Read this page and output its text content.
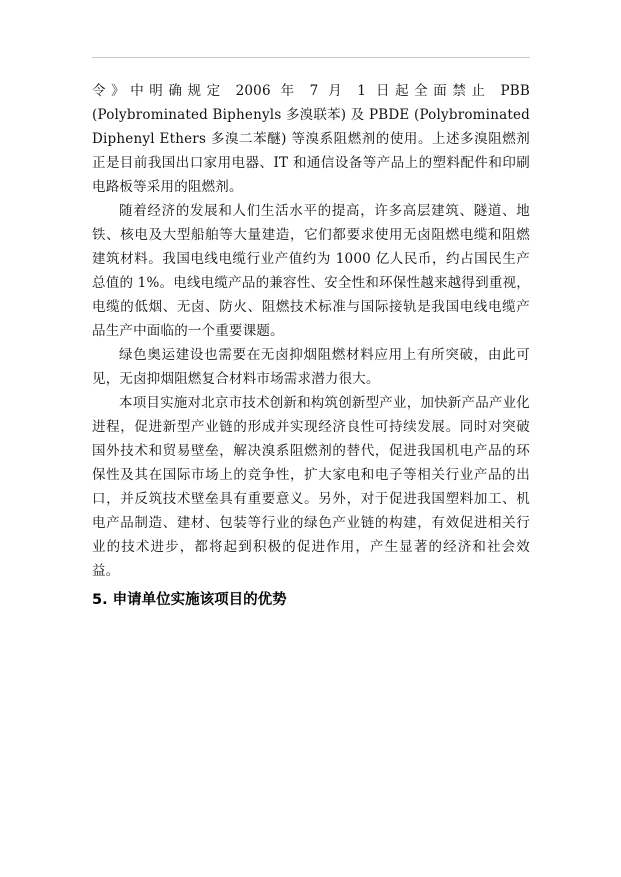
令》中明确规定 2006 年 7 月 1 日起全面禁止 PBB (Polybrominated Biphenyls 多溴联苯) 及 PBDE (Polybrominated Diphenyl Ethers 多溴二苯醚) 等溴系阻燃剂的使用。上述多溴阻燃剂正是目前我国出口家用电器、IT 和通信设备等产品上的塑料配件和印刷电路板等采用的阻燃剂。

随着经济的发展和人们生活水平的提高，许多高层建筑、隧道、地铁、核电及大型船舶等大量建造，它们都要求使用无卤阻燃电缆和阻燃建筑材料。我国电线电缆行业产值约为 1000 亿人民币，约占国民生产总值的 1%。电线电缆产品的兼容性、安全性和环保性越来越得到重视，电缆的低烟、无卤、防火、阻燃技术标准与国际接轨是我国电线电缆产品生产中面临的一个重要课题。

绿色奥运建设也需要在无卤抑烟阻燃材料应用上有所突破，由此可见，无卤抑烟阻燃复合材料市场需求潜力很大。

本项目实施对北京市技术创新和构筑创新型产业，加快新产品产业化进程，促进新型产业链的形成并实现经济良性可持续发展。同时对突破国外技术和贸易壁垒，解决溴系阻燃剂的替代，促进我国机电产品的环保性及其在国际市场上的竞争性，扩大家电和电子等相关行业产品的出口，并反筑技术壁垒具有重要意义。另外，对于促进我国塑料加工、机电产品制造、建材、包装等行业的绿色产业链的构建，有效促进相关行业的技术进步，都将起到积极的促进作用，产生显著的经济和社会效益。

5. 申请单位实施该项目的优势
